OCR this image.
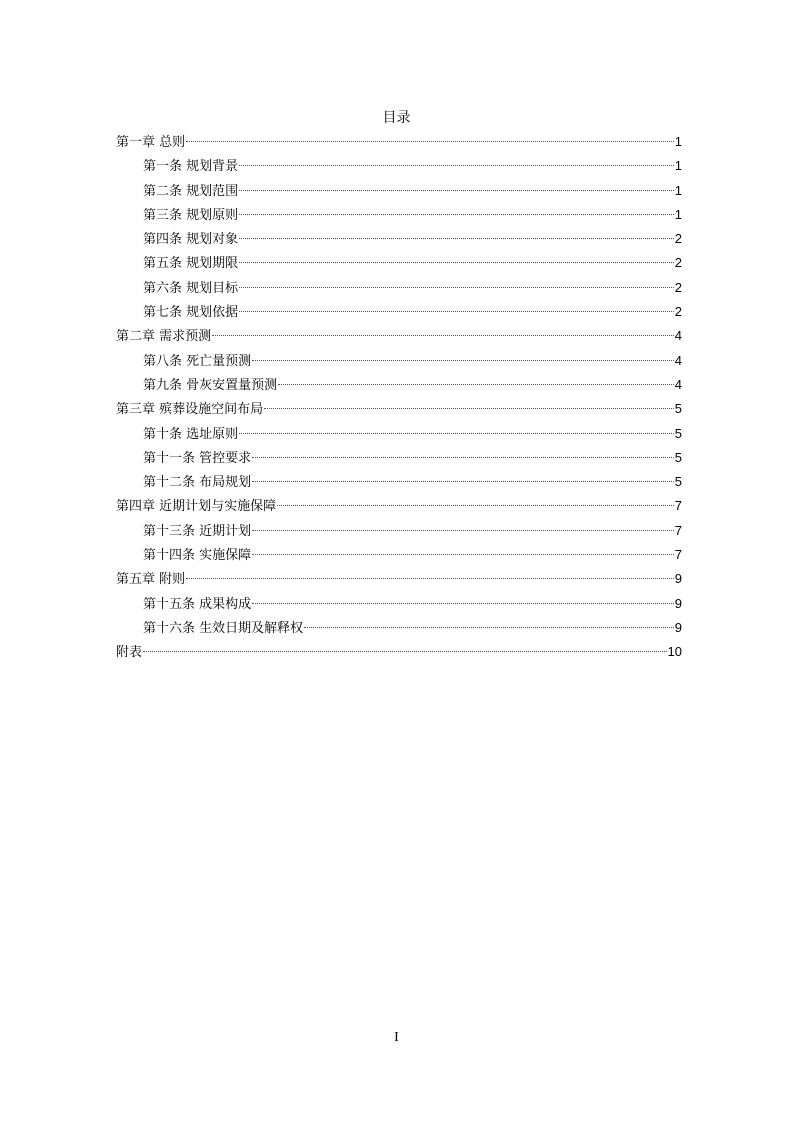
目录
第一章 总则	1
第一条 规划背景	1
第二条 规划范围	1
第三条 规划原则	1
第四条 规划对象	2
第五条 规划期限	2
第六条 规划目标	2
第七条 规划依据	2
第二章 需求预测	4
第八条 死亡量预测	4
第九条 骨灰安置量预测	4
第三章 殡葬设施空间布局	5
第十条 选址原则	5
第十一条 管控要求	5
第十二条 布局规划	5
第四章 近期计划与实施保障	7
第十三条 近期计划	7
第十四条 实施保障	7
第五章 附则	9
第十五条 成果构成	9
第十六条 生效日期及解释权	9
附表	10
I
